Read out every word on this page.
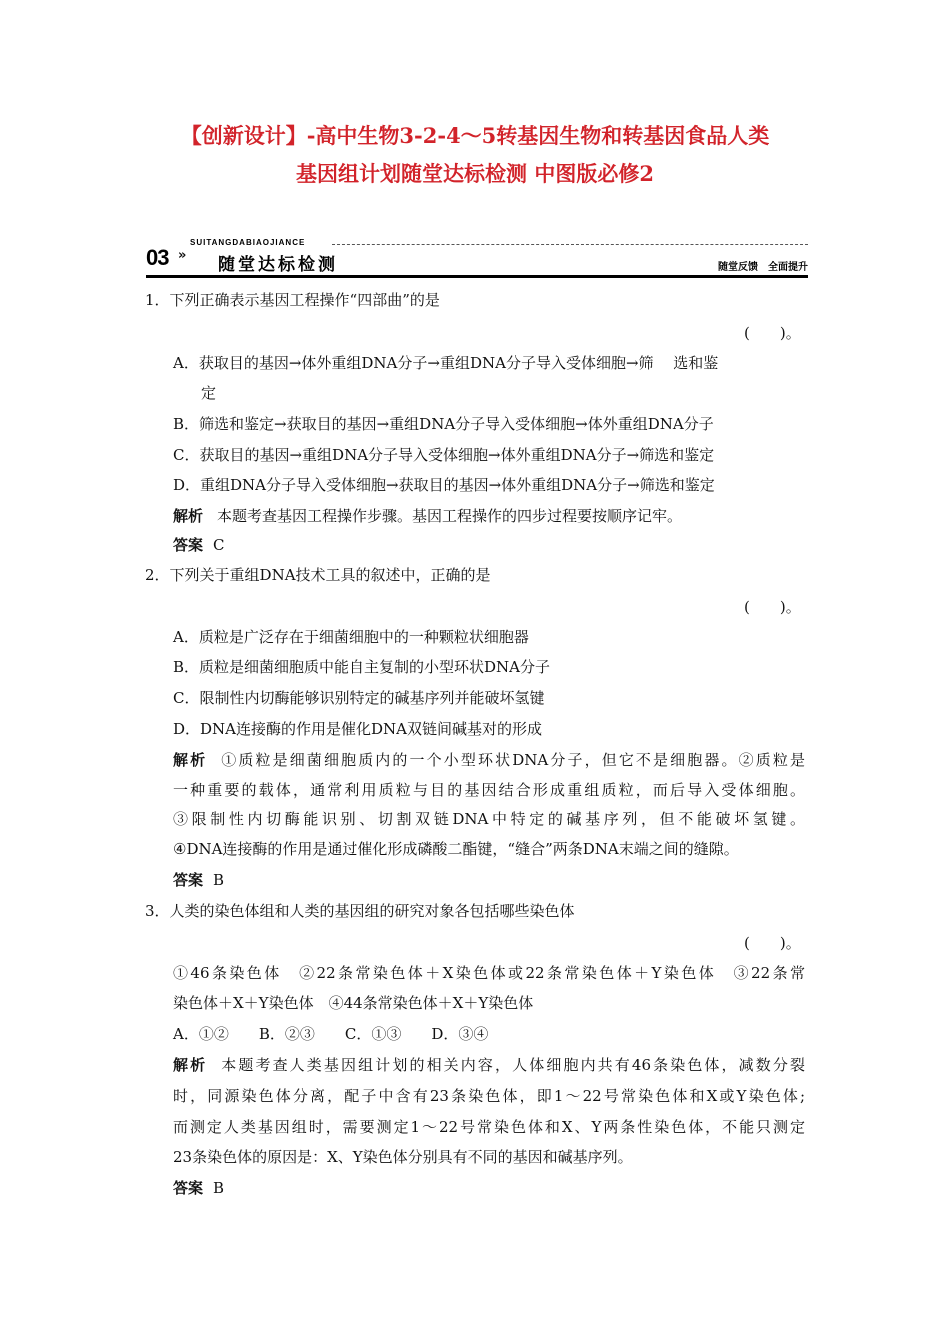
【创新设计】-高中生物3-2-4～5转基因生物和转基因食品人类
基因组计划随堂达标检测 中图版必修2
03 »
SUITANGDABIAOJIANCE
随堂达标检测	随堂反馈　全面提升
1．下列正确表示基因工程操作“四部曲”的是
(　　)。
A．获取目的基因→体外重组DNA分子→重组DNA分子导入受体细胞→筛　 选和鉴
定
B．筛选和鉴定→获取目的基因→重组DNA分子导入受体细胞→体外重组DNA分子
C．获取目的基因→重组DNA分子导入受体细胞→体外重组DNA分子→筛选和鉴定
D．重组DNA分子导入受体细胞→获取目的基因→体外重组DNA分子→筛选和鉴定
解析 本题考查基因工程操作步骤。基因工程操作的四步过程要按顺序记牢。
答案 C
2．下列关于重组DNA技术工具的叙述中，正确的是
(　　)。
A．质粒是广泛存在于细菌细胞中的一种颗粒状细胞器
B．质粒是细菌细胞质中能自主复制的小型环状DNA分子
C．限制性内切酶能够识别特定的碱基序列并能破坏氢键
D．DNA连接酶的作用是催化DNA双链间碱基对的形成
解析 ①质粒是细菌细胞质内的一个小型环状DNA分子，但它不是细胞器。②质粒是
一种重要的载体，通常利用质粒与目的基因结合形成重组质粒，而后导入受体细胞。
③限制性内切酶能识别、切割双链DNA中特定的碱基序列，但不能破坏氢键。
④DNA连接酶的作用是通过催化形成磷酸二酯键，“缝合”两条DNA末端之间的缝隙。
答案 B
3．人类的染色体组和人类的基因组的研究对象各包括哪些染色体
(　　)。
①46条染色体　②22条常染色体＋X染色体或22条常染色体＋Y染色体　③22条常
染色体＋X＋Y染色体　④44条常染色体＋X＋Y染色体
A．①②　　B．②③　　C．①③　　D．③④
解析 本题考查人类基因组计划的相关内容，人体细胞内共有46条染色体，减数分裂
时，同源染色体分离，配子中含有23条染色体，即1～22号常染色体和X或Y染色体;
而测定人类基因组时，需要测定1～22号常染色体和X、Y两条性染色体，不能只测定
23条染色体的原因是：X、Y染色体分别具有不同的基因和碱基序列。
答案 B
